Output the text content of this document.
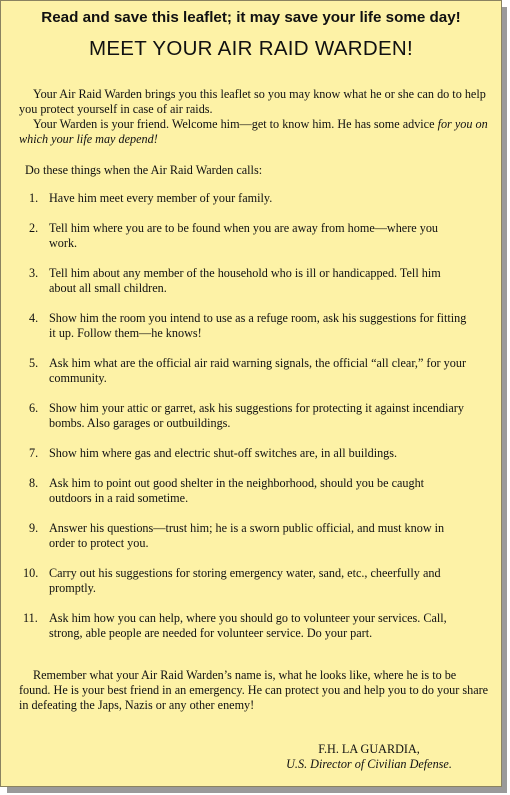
Read and save this leaflet; it may save your life some day!
MEET YOUR AIR RAID WARDEN!

Your Air Raid Warden brings you this leaflet so you may know what he or she can do to help you protect yourself in case of air raids.

Your Warden is your friend. Welcome him—get to know him. He has some advice for you on which your life may depend!

Do these things when the Air Raid Warden calls:
1. Have him meet every member of your family.
2. Tell him where you are to be found when you are away from home—where you work.
3. Tell him about any member of the household who is ill or handicapped. Tell him about all small children.
4. Show him the room you intend to use as a refuge room, ask his suggestions for fitting it up. Follow them—he knows!
5. Ask him what are the official air raid warning signals, the official “all clear,” for your community.
6. Show him your attic or garret, ask his suggestions for protecting it against incendiary bombs. Also garages or outbuildings.
7. Show him where gas and electric shut-off switches are, in all buildings.
8. Ask him to point out good shelter in the neighborhood, should you be caught outdoors in a raid sometime.
9. Answer his questions—trust him; he is a sworn public official, and must know in order to protect you.
10. Carry out his suggestions for storing emergency water, sand, etc., cheerfully and promptly.
11. Ask him how you can help, where you should go to volunteer your services. Call, strong, able people are needed for volunteer service. Do your part.

Remember what your Air Raid Warden’s name is, what he looks like, where he is to be found. He is your best friend in an emergency. He can protect you and help you to do your share in defeating the Japs, Nazis or any other enemy!

F.H. LA GUARDIA,
U.S. Director of Civilian Defense.
